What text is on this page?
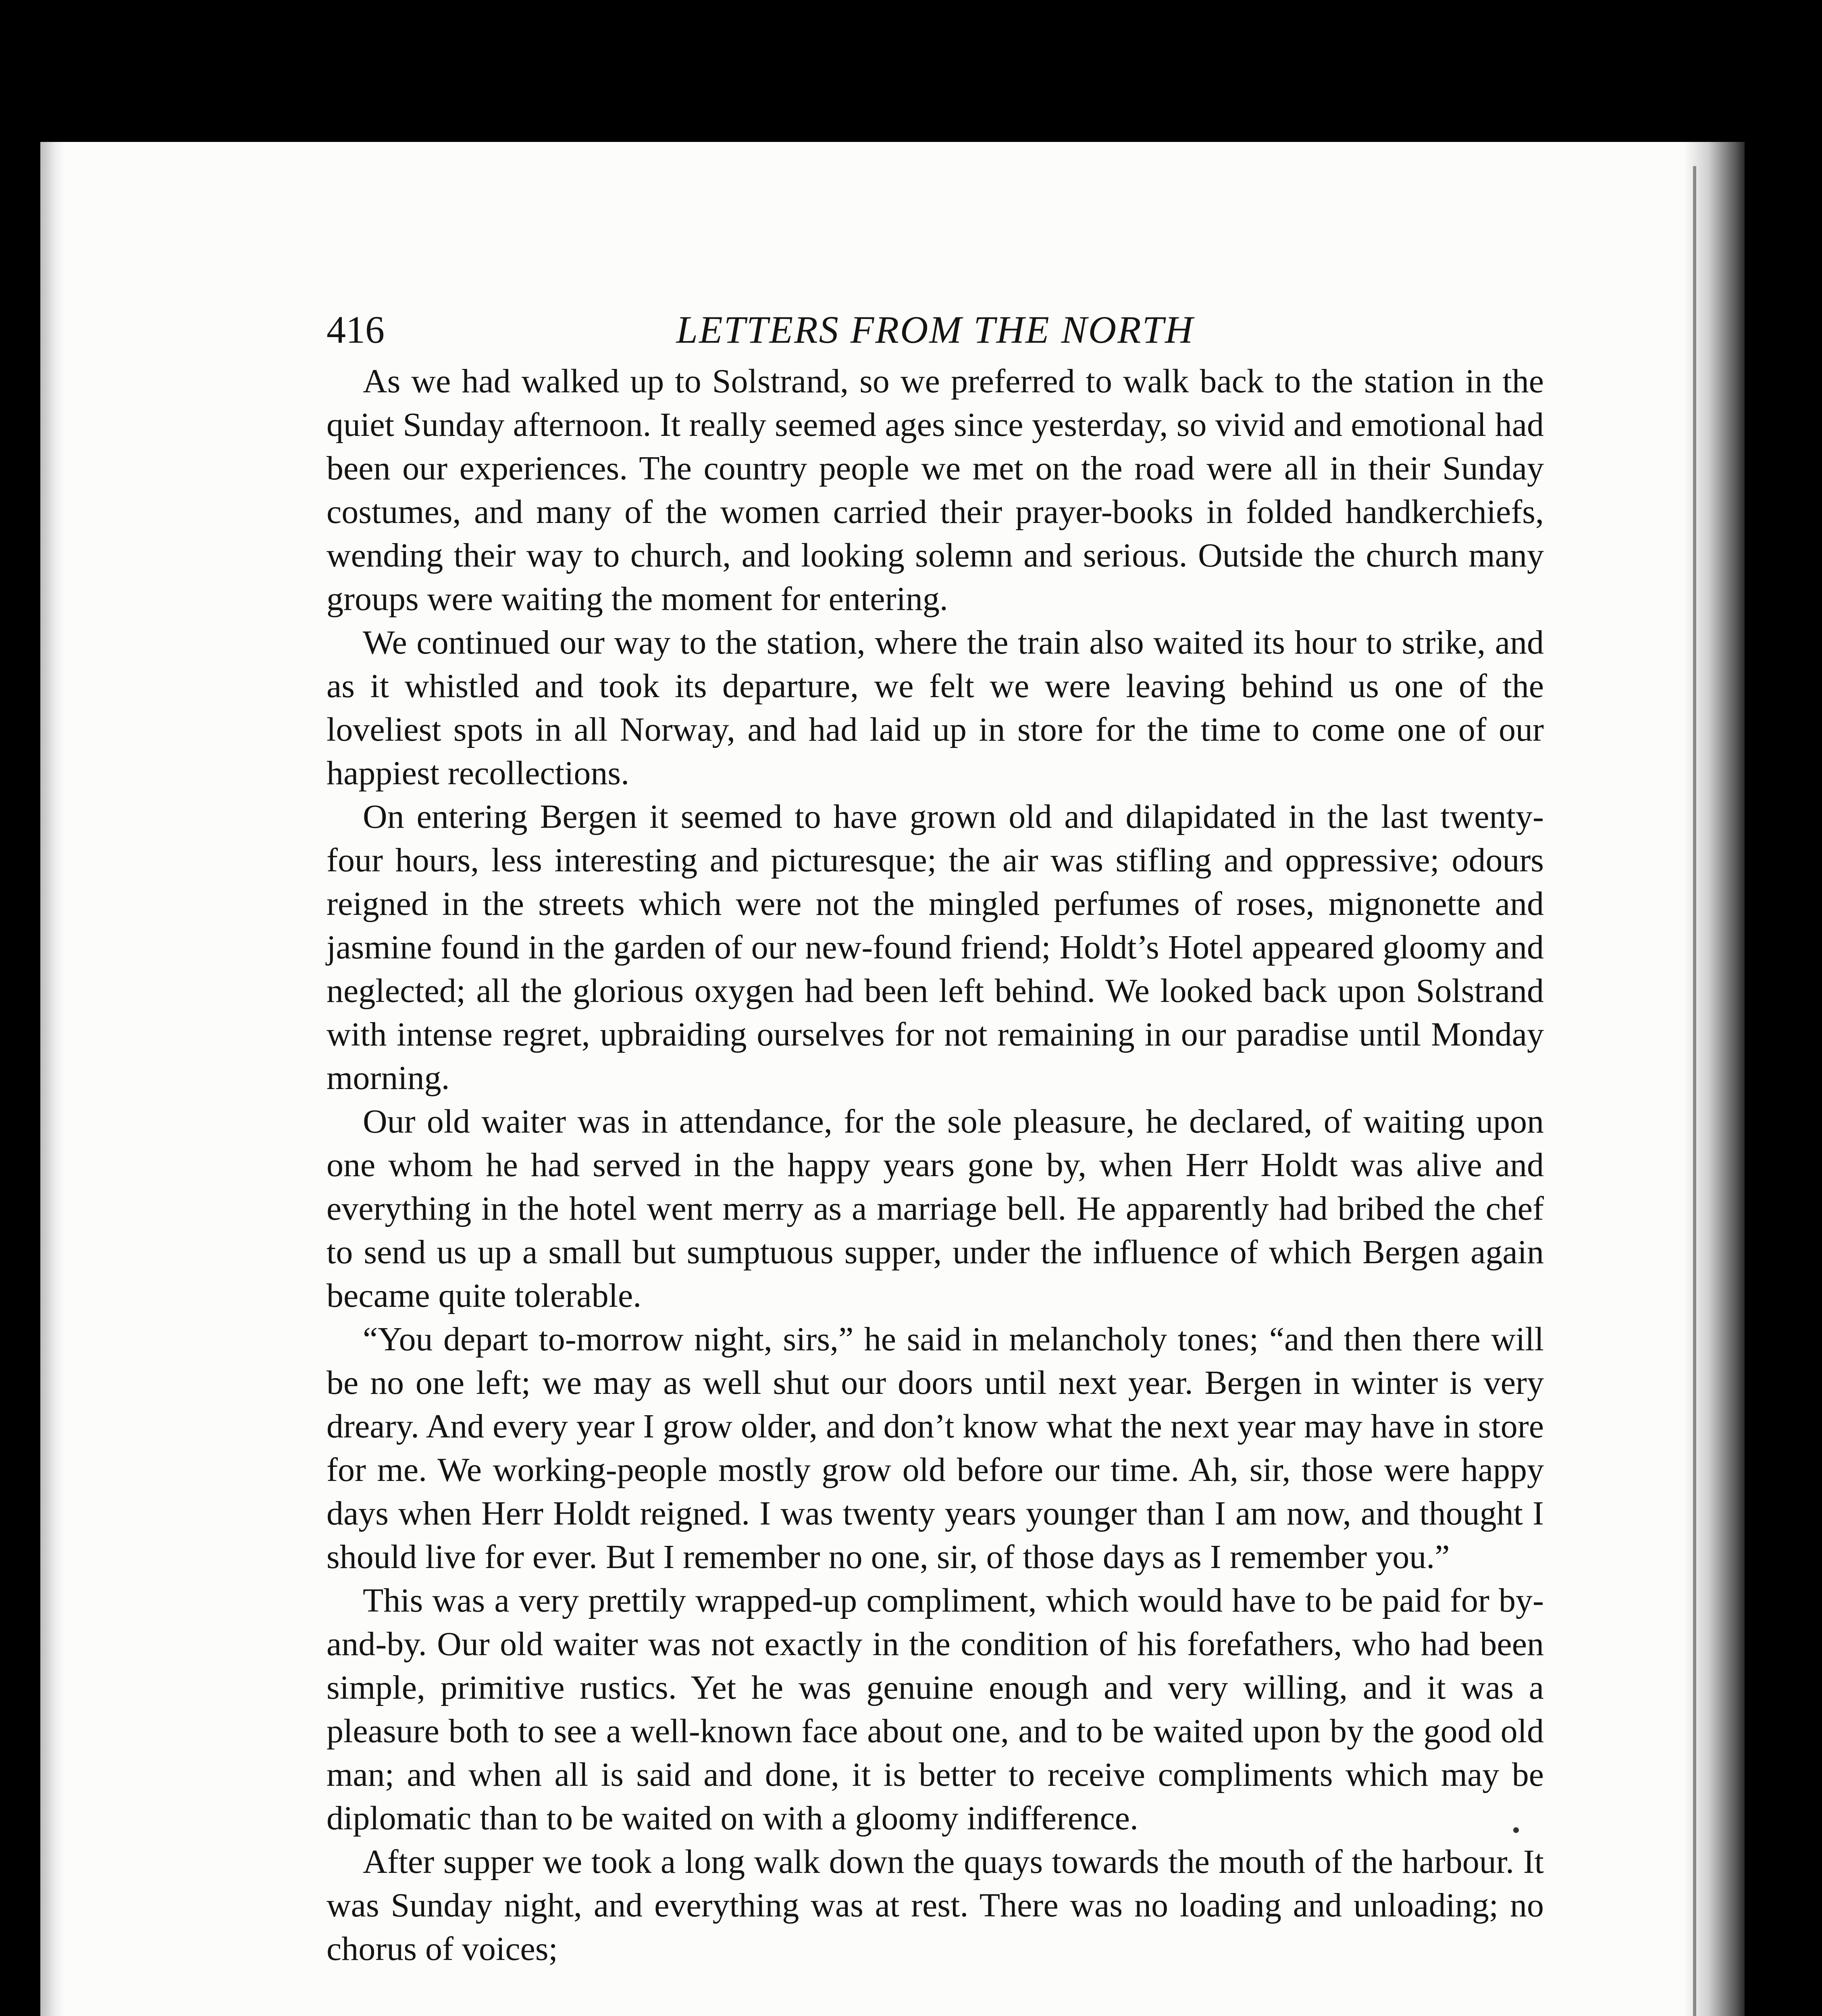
416	LETTERS FROM THE NORTH

As we had walked up to Solstrand, so we preferred to walk back to the station in the quiet Sunday afternoon. It really seemed ages since yesterday, so vivid and emotional had been our experiences. The country people we met on the road were all in their Sunday costumes, and many of the women carried their prayer-books in folded handkerchiefs, wending their way to church, and looking solemn and serious. Outside the church many groups were waiting the moment for entering.

We continued our way to the station, where the train also waited its hour to strike, and as it whistled and took its departure, we felt we were leaving behind us one of the loveliest spots in all Norway, and had laid up in store for the time to come one of our happiest recollections.

On entering Bergen it seemed to have grown old and dilapidated in the last twenty-four hours, less interesting and picturesque; the air was stifling and oppressive; odours reigned in the streets which were not the mingled perfumes of roses, mignonette and jasmine found in the garden of our new-found friend; Holdt’s Hotel appeared gloomy and neglected; all the glorious oxygen had been left behind. We looked back upon Solstrand with intense regret, upbraiding ourselves for not remaining in our paradise until Monday morning.

Our old waiter was in attendance, for the sole pleasure, he declared, of waiting upon one whom he had served in the happy years gone by, when Herr Holdt was alive and everything in the hotel went merry as a marriage bell. He apparently had bribed the chef to send us up a small but sumptuous supper, under the influence of which Bergen again became quite tolerable.

“You depart to-morrow night, sirs,” he said in melancholy tones; “and then there will be no one left; we may as well shut our doors until next year. Bergen in winter is very dreary. And every year I grow older, and don’t know what the next year may have in store for me. We working-people mostly grow old before our time. Ah, sir, those were happy days when Herr Holdt reigned. I was twenty years younger than I am now, and thought I should live for ever. But I remember no one, sir, of those days as I remember you.”

This was a very prettily wrapped-up compliment, which would have to be paid for by-and-by. Our old waiter was not exactly in the condition of his forefathers, who had been simple, primitive rustics. Yet he was genuine enough and very willing, and it was a pleasure both to see a well-known face about one, and to be waited upon by the good old man; and when all is said and done, it is better to receive compliments which may be diplomatic than to be waited on with a gloomy indifference.

After supper we took a long walk down the quays towards the mouth of the harbour. It was Sunday night, and everything was at rest. There was no loading and unloading; no chorus of voices;
